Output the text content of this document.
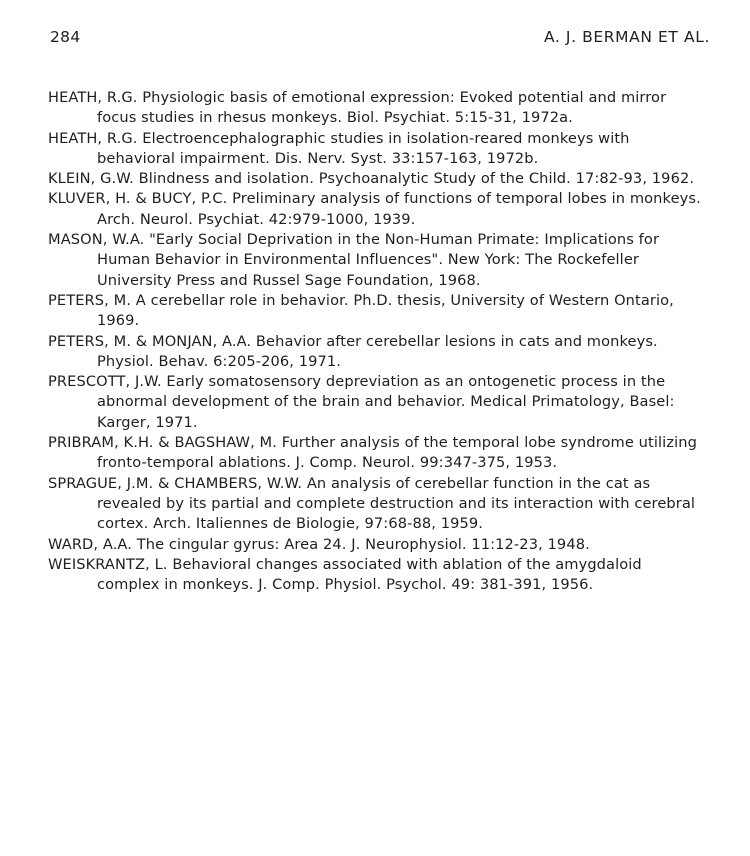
284	A. J. BERMAN ET AL.
HEATH, R.G. Physiologic basis of emotional expression: Evoked potential and mirror focus studies in rhesus monkeys. Biol. Psychiat. 5:15-31, 1972a.
HEATH, R.G. Electroencephalographic studies in isolation-reared monkeys with behavioral impairment. Dis. Nerv. Syst. 33:157-163, 1972b.
KLEIN, G.W. Blindness and isolation. Psychoanalytic Study of the Child. 17:82-93, 1962.
KLUVER, H. & BUCY, P.C. Preliminary analysis of functions of temporal lobes in monkeys. Arch. Neurol. Psychiat. 42:979-1000, 1939.
MASON, W.A. "Early Social Deprivation in the Non-Human Primate: Implications for Human Behavior in Environmental Influences". New York: The Rockefeller University Press and Russel Sage Foundation, 1968.
PETERS, M. A cerebellar role in behavior. Ph.D. thesis, University of Western Ontario, 1969.
PETERS, M. & MONJAN, A.A. Behavior after cerebellar lesions in cats and monkeys. Physiol. Behav. 6:205-206, 1971.
PRESCOTT, J.W. Early somatosensory depreviation as an ontogenetic process in the abnormal development of the brain and behavior. Medical Primatology, Basel: Karger, 1971.
PRIBRAM, K.H. & BAGSHAW, M. Further analysis of the temporal lobe syndrome utilizing fronto-temporal ablations. J. Comp. Neurol. 99:347-375, 1953.
SPRAGUE, J.M. & CHAMBERS, W.W. An analysis of cerebellar function in the cat as revealed by its partial and complete destruction and its interaction with cerebral cortex. Arch. Italiennes de Biologie, 97:68-88, 1959.
WARD, A.A. The cingular gyrus: Area 24. J. Neurophysiol. 11:12-23, 1948.
WEISKRANTZ, L. Behavioral changes associated with ablation of the amygdaloid complex in monkeys. J. Comp. Physiol. Psychol. 49: 381-391, 1956.
